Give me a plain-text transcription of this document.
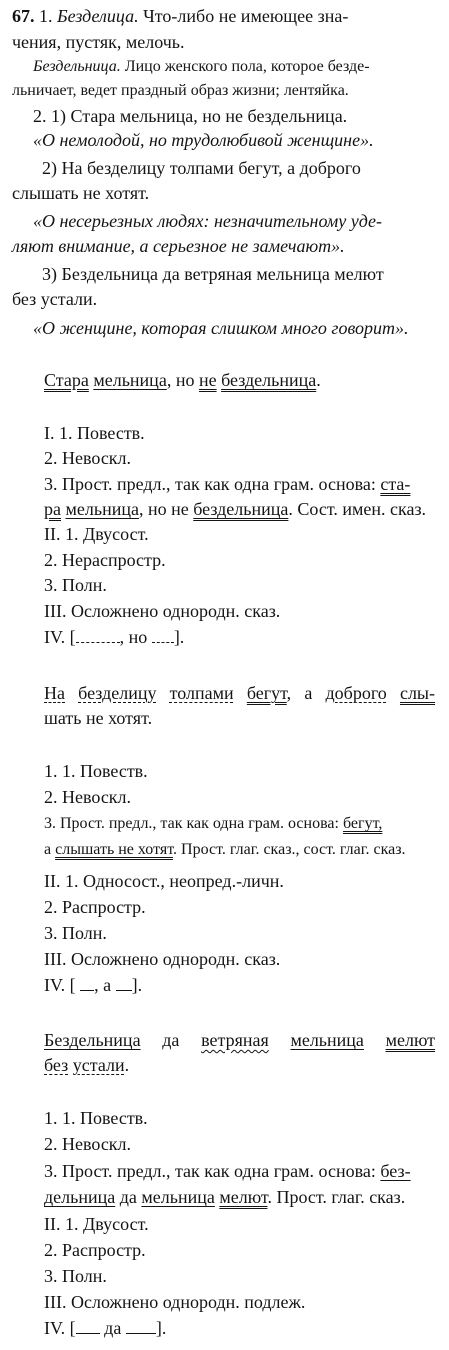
67. 1. Безделица. Что-либо не имеющее зна-
чения, пустяк, мелочь.
Бездельница. Лицо женского пола, которое безде-
льничает, ведет праздный образ жизни; лентяйка.
2. 1) Стара мельница, но не бездельница.
«О немолодой, но трудолюбивой женщине».
2) На безделицу толпами бегут, а доброго
слышать не хотят.
«О несерьезных людях: незначительному уде-
ляют внимание, а серьезное не замечают».
3) Бездельница да ветряная мельница мелют
без устали.
«О женщине, которая слишком много говорит».
Стара мельница, но не бездельница.
I. 1. Повеств.
2. Невоскл.
3. Прост. предл., так как одна грам. основа: ста-
ра мельница, но не бездельница. Сост. имен. сказ.
II. 1. Двусост.
2. Нераспростр.
3. Полн.
III. Осложнено однородн. сказ.
IV. [ , но ].
На безделицу толпами бегут, а доброго слы-
шать не хотят.
1. 1. Повеств.
2. Невоскл.
3. Прост. предл., так как одна грам. основа: бегут,
а слышать не хотят. Прост. глаг. сказ., сост. глаг. сказ.
II. 1. Односост., неопред.-личн.
2. Распростр.
3. Полн.
III. Осложнено однородн. сказ.
IV. [ , а ].
Бездельница да ветряная мельница мелют
без устали.
1. 1. Повеств.
2. Невоскл.
3. Прост. предл., так как одна грам. основа: без-
дельница да мельница мелют. Прост. глаг. сказ.
II. 1. Двусост.
2. Распростр.
3. Полн.
III. Осложнено однородн. подлеж.
IV. [ да ].
